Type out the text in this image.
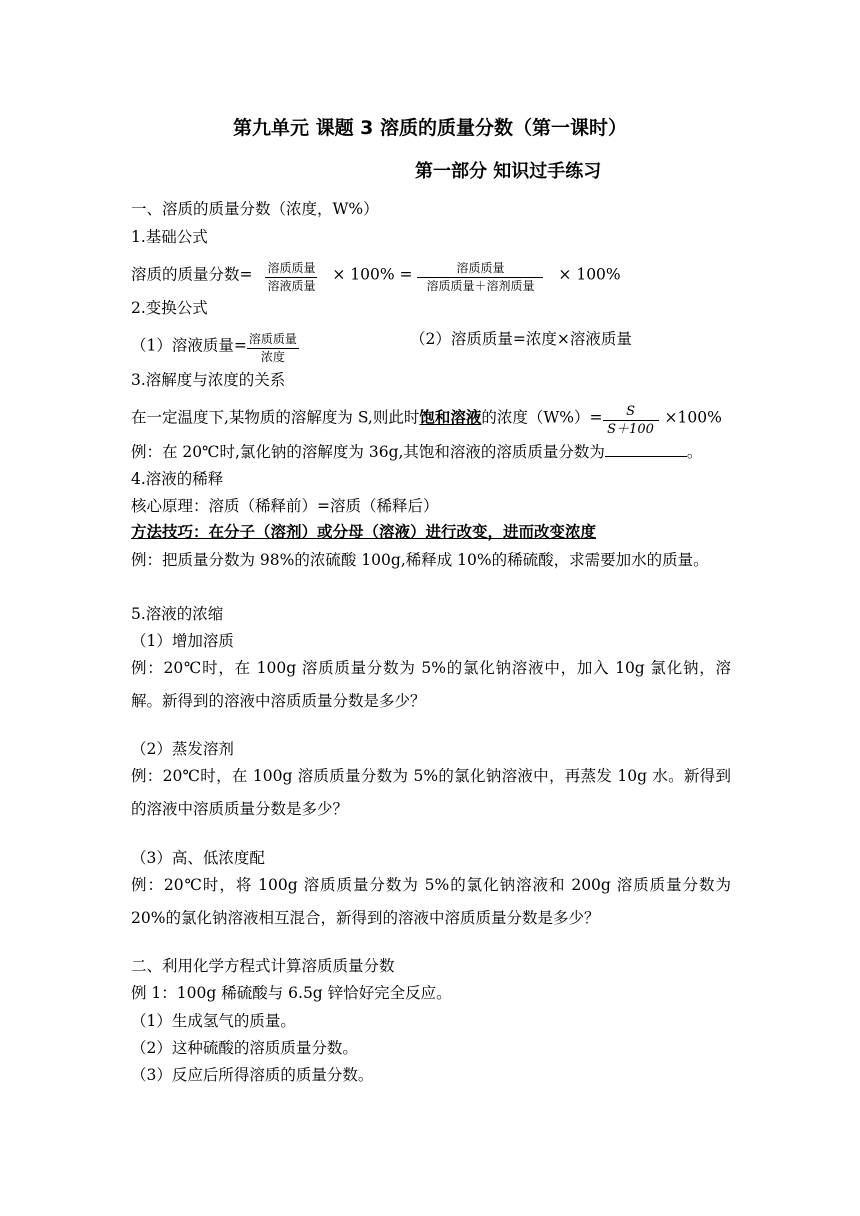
第九单元 课题 3 溶质的质量分数（第一课时）
第一部分 知识过手练习
一、溶质的质量分数（浓度，W%）
1.基础公式
溶质的质量分数= $\frac{\text{溶质质量}}{\text{溶液质量}} \times 100\% = \frac{\text{溶质质量}}{\text{溶质质量＋溶剂质量}} \times 100\%$
2.变换公式
（1）溶液质量= $\frac{\text{溶质质量}}{\text{浓度}}$	（2）溶质质量=浓度×溶液质量
3.溶解度与浓度的关系
在一定温度下,某物质的溶解度为 S,则此时饱和溶液的浓度$(W\%)= \frac{S}{S+100} \times 100\%$
例：在 20℃时,氯化钠的溶解度为 36g,其饱和溶液的溶质质量分数为	。
4.溶液的稀释
核心原理：溶质（稀释前）=溶质（稀释后）
方法技巧：在分子（溶剂）或分母（溶液）进行改变，进而改变浓度
例：把质量分数为 98%的浓硫酸 100g,稀释成 10%的稀硫酸，求需要加水的质量。
5.溶液的浓缩
（1）增加溶质
例：20℃时，在 100g 溶质质量分数为 5%的氯化钠溶液中，加入 10g 氯化钠，溶解。新得到的溶液中溶质质量分数是多少？
（2）蒸发溶剂
例：20℃时，在 100g 溶质质量分数为 5%的氯化钠溶液中，再蒸发 10g 水。新得到的溶液中溶质质量分数是多少？
（3）高、低浓度配
例：20℃时，将 100g 溶质质量分数为 5%的氯化钠溶液和 200g 溶质质量分数为 20%的氯化钠溶液相互混合，新得到的溶液中溶质质量分数是多少？
二、利用化学方程式计算溶质质量分数
例 1：100g 稀硫酸与 6.5g 锌恰好完全反应。
（1）生成氢气的质量。
（2）这种硫酸的溶质质量分数。
（3）反应后所得溶质的质量分数。
